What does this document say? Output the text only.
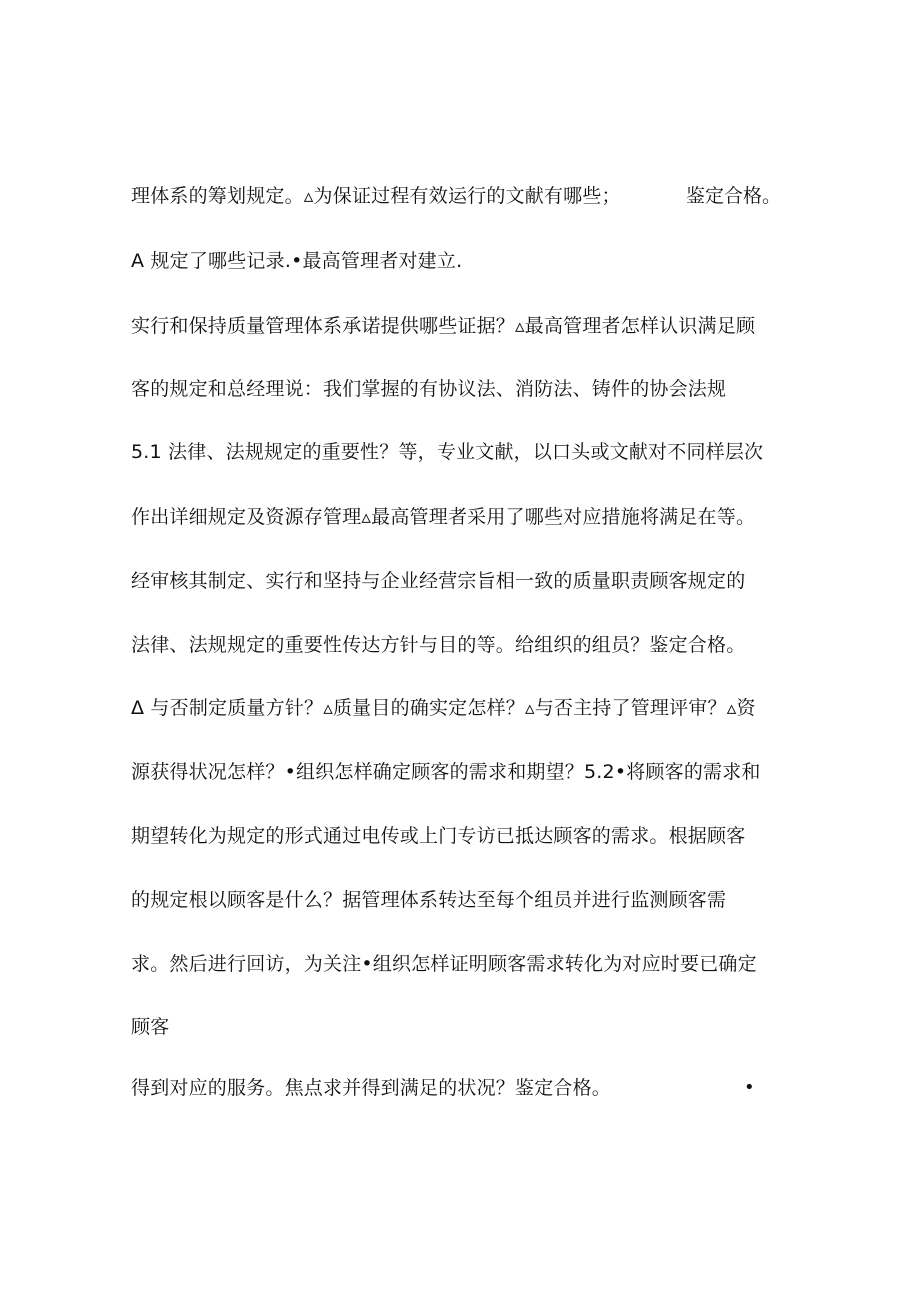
理体系的筹划规定。▵为保证过程有效运行的文献有哪些；	鉴定合格。
A 规定了哪些记录.•最高管理者对建立.
实行和保持质量管理体系承诺提供哪些证据？▵最高管理者怎样认识满足顾
客的规定和总经理说：我们掌握的有协议法、消防法、铸件的协会法规
5.1 法律、法规规定的重要性？等，专业文献，以口头或文献对不同样层次
作出详细规定及资源存管理▵最高管理者采用了哪些对应措施将满足在等。
经审核其制定、实行和坚持与企业经营宗旨相一致的质量职责顾客规定的
法律、法规规定的重要性传达方针与目的等。给组织的组员？鉴定合格。
Δ 与否制定质量方针？▵质量目的确实定怎样？▵与否主持了管理评审？▵资
源获得状况怎样？•组织怎样确定顾客的需求和期望？5.2•将顾客的需求和
期望转化为规定的形式通过电传或上门专访已抵达顾客的需求。根据顾客
的规定根以顾客是什么？据管理体系转达至每个组员并进行监测顾客需
求。然后进行回访，为关注•组织怎样证明顾客需求转化为对应时要已确定
顾客
得到对应的服务。焦点求并得到满足的状况？鉴定合格。	•
